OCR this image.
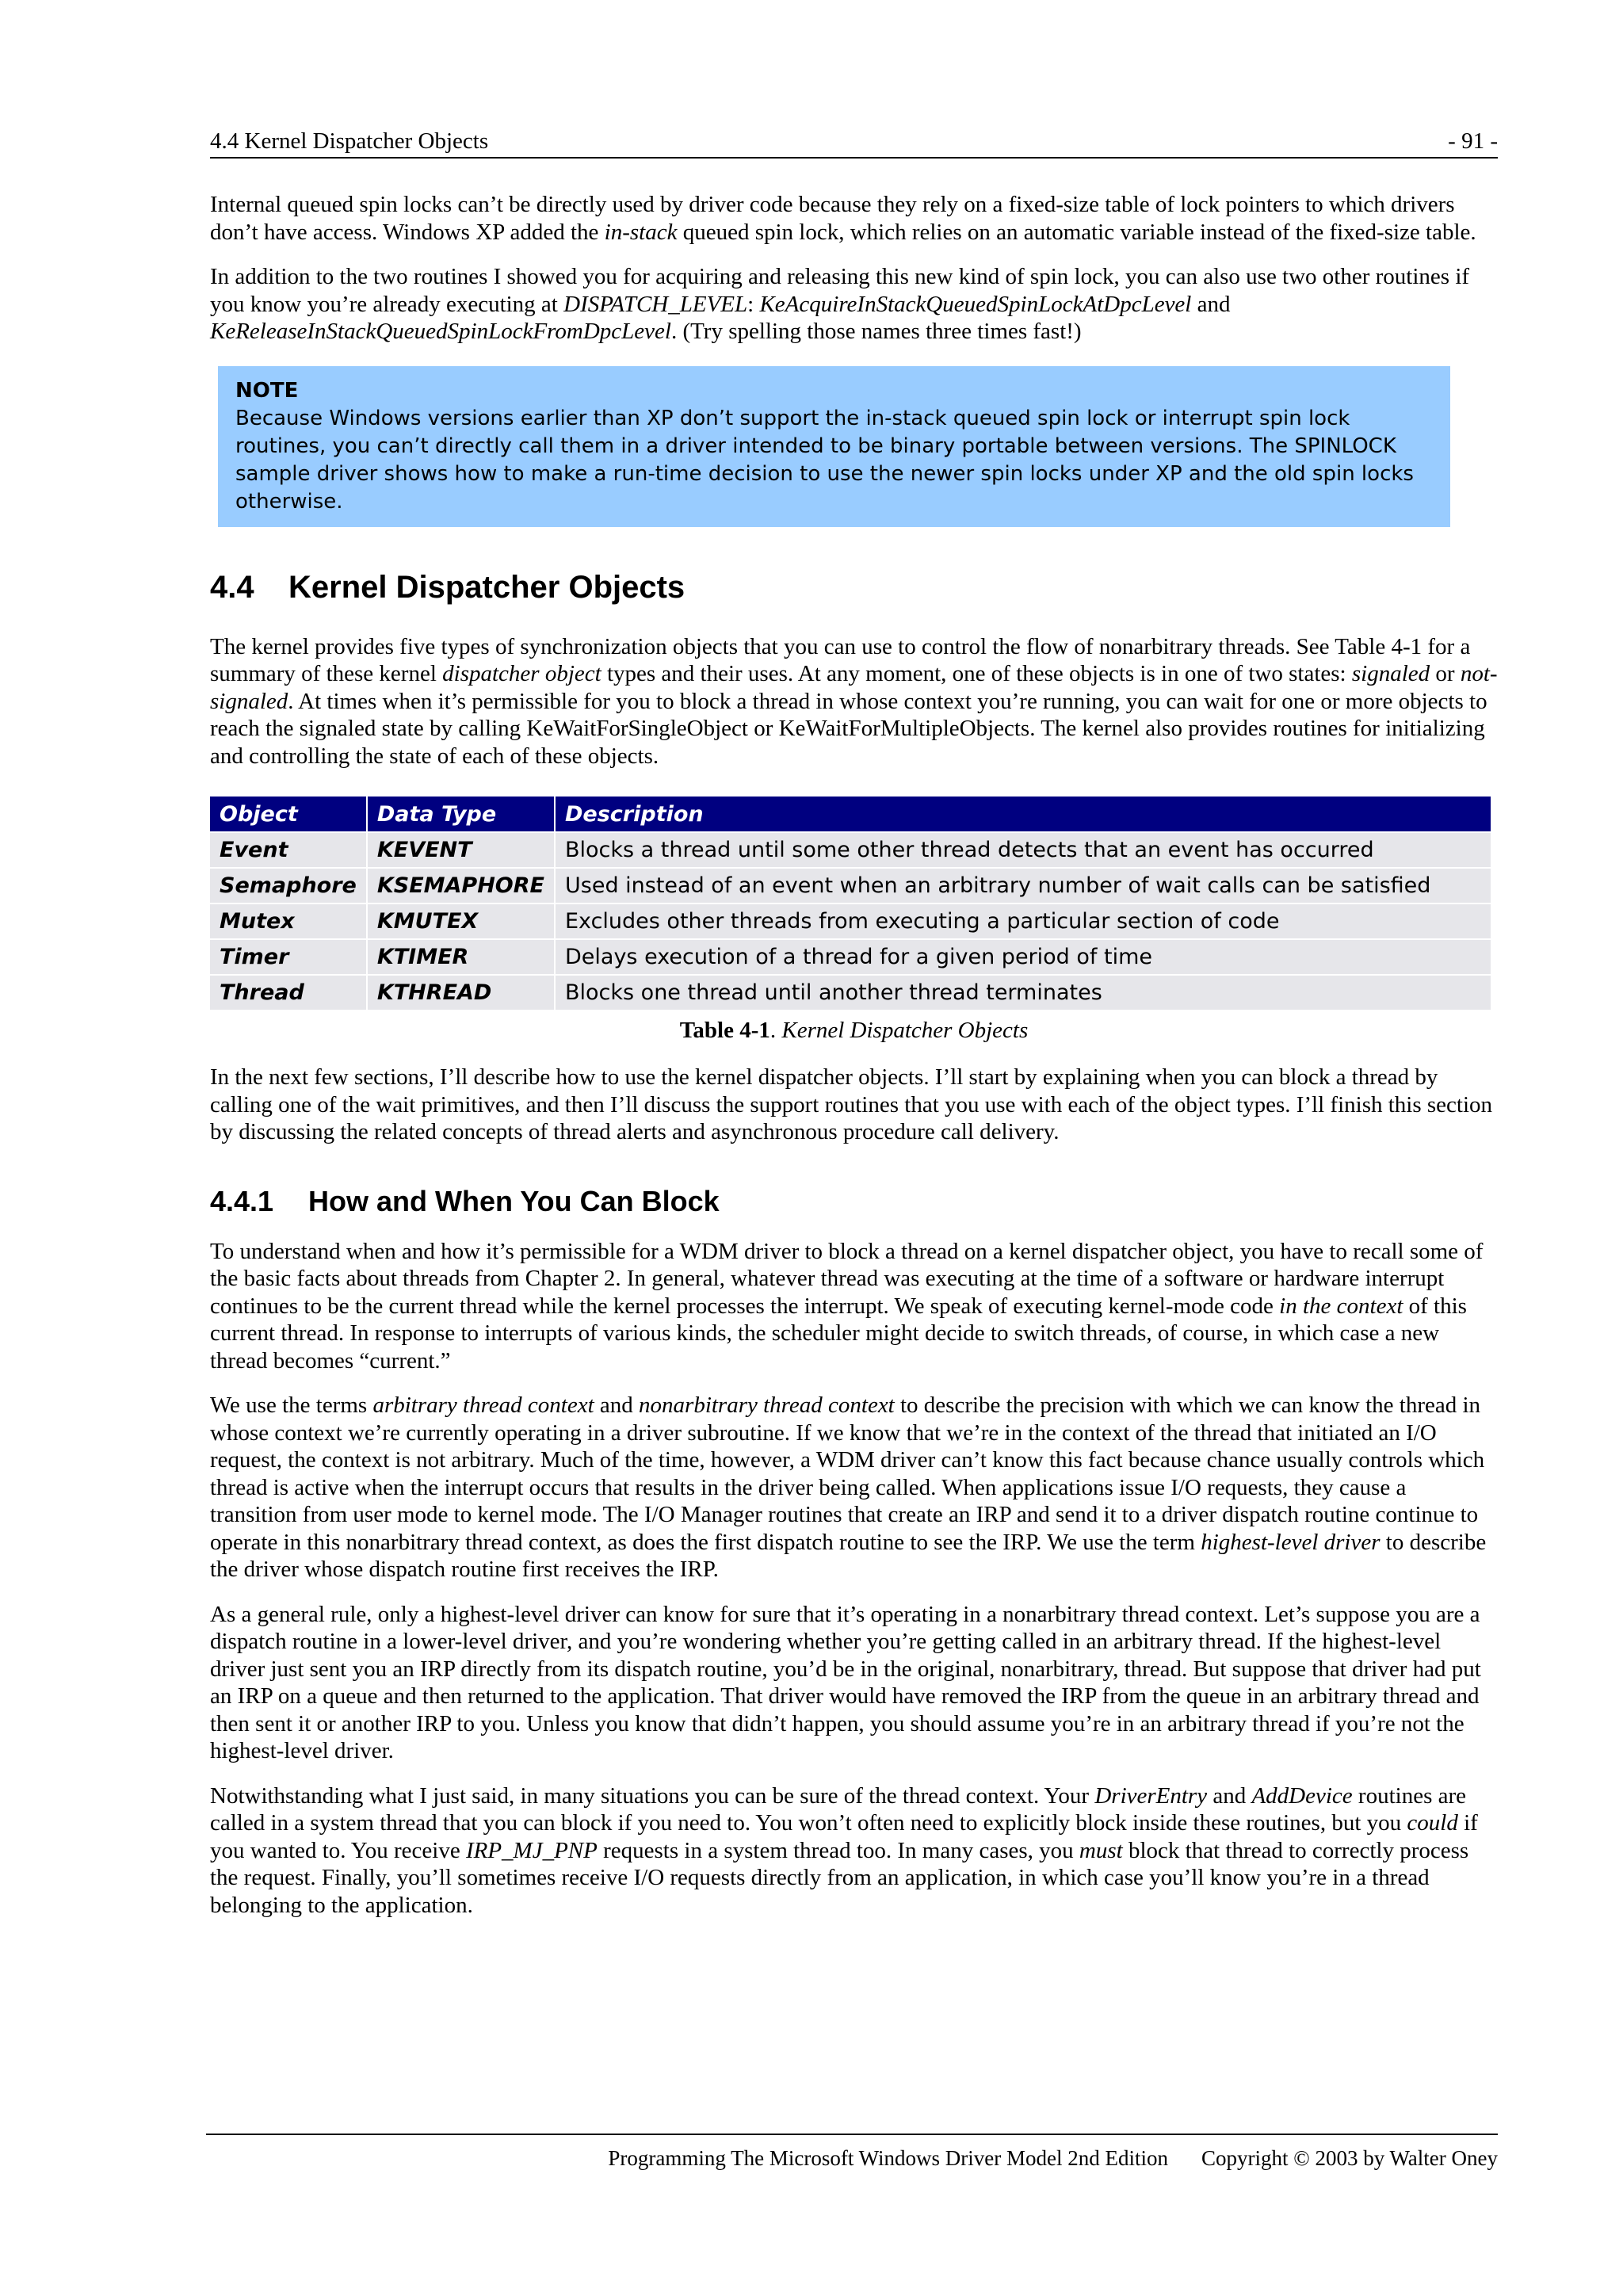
4.4 Kernel Dispatcher Objects	- 91 -

Internal queued spin locks can’t be directly used by driver code because they rely on a fixed-size table of lock pointers to which drivers don’t have access. Windows XP added the in-stack queued spin lock, which relies on an automatic variable instead of the fixed-size table.

In addition to the two routines I showed you for acquiring and releasing this new kind of spin lock, you can also use two other routines if you know you’re already executing at DISPATCH_LEVEL: KeAcquireInStackQueuedSpinLockAtDpcLevel and KeReleaseInStackQueuedSpinLockFromDpcLevel. (Try spelling those names three times fast!)

NOTE
Because Windows versions earlier than XP don’t support the in-stack queued spin lock or interrupt spin lock routines, you can’t directly call them in a driver intended to be binary portable between versions. The SPINLOCK sample driver shows how to make a run-time decision to use the newer spin locks under XP and the old spin locks otherwise.
4.4 Kernel Dispatcher Objects

The kernel provides five types of synchronization objects that you can use to control the flow of nonarbitrary threads. See Table 4-1 for a summary of these kernel dispatcher object types and their uses. At any moment, one of these objects is in one of two states: signaled or not-signaled. At times when it’s permissible for you to block a thread in whose context you’re running, you can wait for one or more objects to reach the signaled state by calling KeWaitForSingleObject or KeWaitForMultipleObjects. The kernel also provides routines for initializing and controlling the state of each of these objects.

Object	Data Type	Description
Event	KEVENT	Blocks a thread until some other thread detects that an event has occurred
Semaphore	KSEMAPHORE	Used instead of an event when an arbitrary number of wait calls can be satisfied
Mutex	KMUTEX	Excludes other threads from executing a particular section of code
Timer	KTIMER	Delays execution of a thread for a given period of time
Thread	KTHREAD	Blocks one thread until another thread terminates
Table 4-1. Kernel Dispatcher Objects

In the next few sections, I’ll describe how to use the kernel dispatcher objects. I’ll start by explaining when you can block a thread by calling one of the wait primitives, and then I’ll discuss the support routines that you use with each of the object types. I’ll finish this section by discussing the related concepts of thread alerts and asynchronous procedure call delivery.

4.4.1 How and When You Can Block

To understand when and how it’s permissible for a WDM driver to block a thread on a kernel dispatcher object, you have to recall some of the basic facts about threads from Chapter 2. In general, whatever thread was executing at the time of a software or hardware interrupt continues to be the current thread while the kernel processes the interrupt. We speak of executing kernel-mode code in the context of this current thread. In response to interrupts of various kinds, the scheduler might decide to switch threads, of course, in which case a new thread becomes “current.”

We use the terms arbitrary thread context and nonarbitrary thread context to describe the precision with which we can know the thread in whose context we’re currently operating in a driver subroutine. If we know that we’re in the context of the thread that initiated an I/O request, the context is not arbitrary. Much of the time, however, a WDM driver can’t know this fact because chance usually controls which thread is active when the interrupt occurs that results in the driver being called. When applications issue I/O requests, they cause a transition from user mode to kernel mode. The I/O Manager routines that create an IRP and send it to a driver dispatch routine continue to operate in this nonarbitrary thread context, as does the first dispatch routine to see the IRP. We use the term highest-level driver to describe the driver whose dispatch routine first receives the IRP.

As a general rule, only a highest-level driver can know for sure that it’s operating in a nonarbitrary thread context. Let’s suppose you are a dispatch routine in a lower-level driver, and you’re wondering whether you’re getting called in an arbitrary thread. If the highest-level driver just sent you an IRP directly from its dispatch routine, you’d be in the original, nonarbitrary, thread. But suppose that driver had put an IRP on a queue and then returned to the application. That driver would have removed the IRP from the queue in an arbitrary thread and then sent it or another IRP to you. Unless you know that didn’t happen, you should assume you’re in an arbitrary thread if you’re not the highest-level driver.

Notwithstanding what I just said, in many situations you can be sure of the thread context. Your DriverEntry and AddDevice routines are called in a system thread that you can block if you need to. You won’t often need to explicitly block inside these routines, but you could if you wanted to. You receive IRP_MJ_PNP requests in a system thread too. In many cases, you must block that thread to correctly process the request. Finally, you’ll sometimes receive I/O requests directly from an application, in which case you’ll know you’re in a thread belonging to the application.

Programming The Microsoft Windows Driver Model 2nd Edition Copyright © 2003 by Walter Oney
